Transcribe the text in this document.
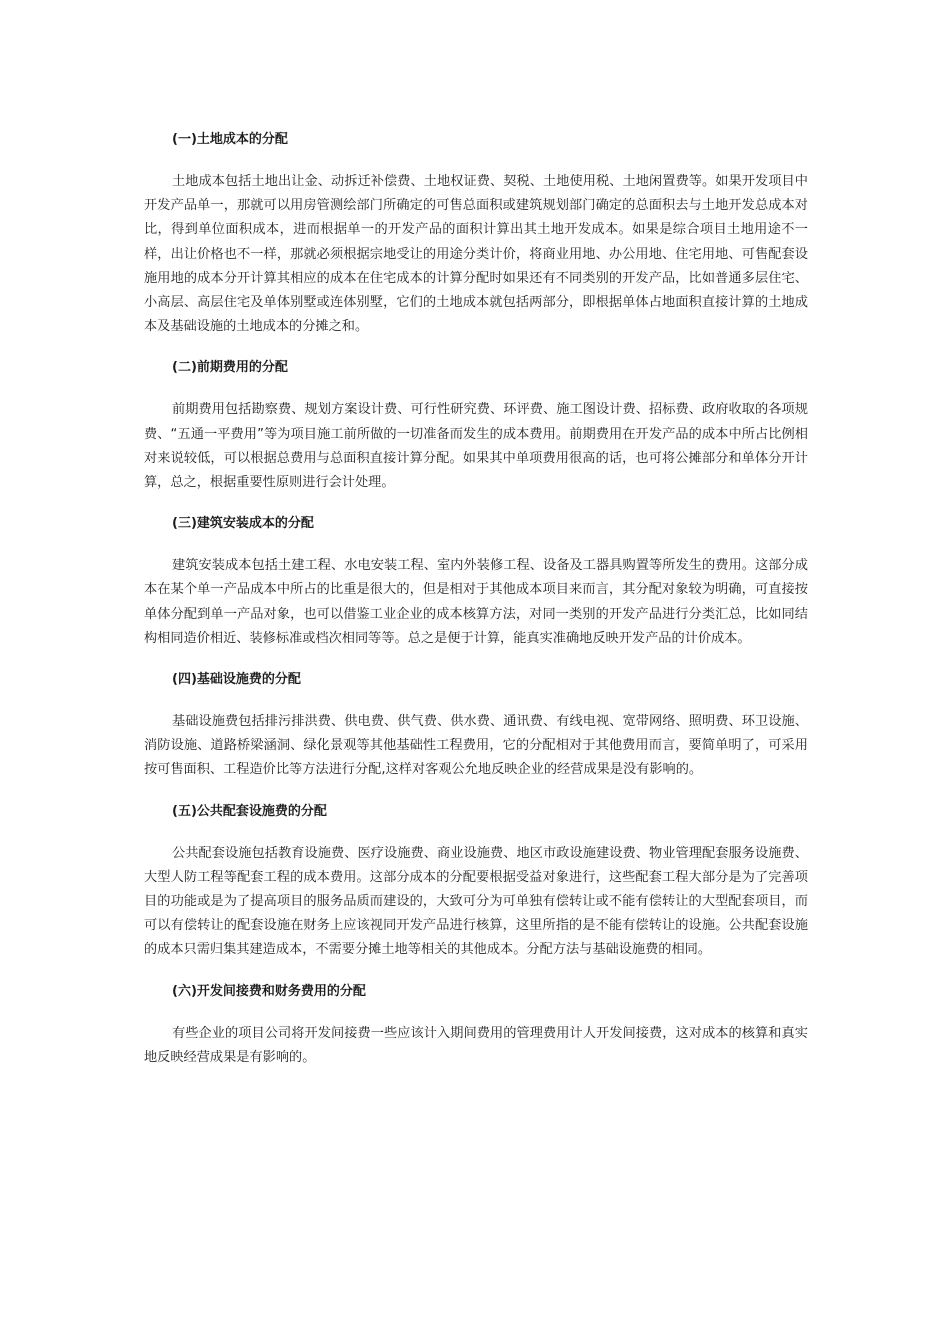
(一)土地成本的分配

土地成本包括土地出让金、动拆迁补偿费、土地权证费、契税、土地使用税、土地闲置费等。如果开发项目中开发产品单一，那就可以用房管测绘部门所确定的可售总面积或建筑规划部门确定的总面积去与土地开发总成本对比，得到单位面积成本，进而根据单一的开发产品的面积计算出其土地开发成本。如果是综合项目土地用途不一样，出让价格也不一样，那就必须根据宗地受让的用途分类计价，将商业用地、办公用地、住宅用地、可售配套设施用地的成本分开计算其相应的成本在住宅成本的计算分配时如果还有不同类别的开发产品，比如普通多层住宅、小高层、高层住宅及单体别墅或连体别墅，它们的土地成本就包括两部分，即根据单体占地面积直接计算的土地成本及基础设施的土地成本的分摊之和。

(二)前期费用的分配

前期费用包括勘察费、规划方案设计费、可行性研究费、环评费、施工图设计费、招标费、政府收取的各项规费、“五通一平费用”等为项目施工前所做的一切准备而发生的成本费用。前期费用在开发产品的成本中所占比例相对来说较低，可以根据总费用与总面积直接计算分配。如果其中单项费用很高的话，也可将公摊部分和单体分开计算，总之，根据重要性原则进行会计处理。

(三)建筑安装成本的分配

建筑安装成本包括土建工程、水电安装工程、室内外装修工程、设备及工器具购置等所发生的费用。这部分成本在某个单一产品成本中所占的比重是很大的，但是相对于其他成本项目来而言，其分配对象较为明确，可直接按单体分配到单一产品对象，也可以借鉴工业企业的成本核算方法，对同一类别的开发产品进行分类汇总，比如同结构相同造价相近、装修标准或档次相同等等。总之是便于计算，能真实准确地反映开发产品的计价成本。

(四)基础设施费的分配

基础设施费包括排污排洪费、供电费、供气费、供水费、通讯费、有线电视、宽带网络、照明费、环卫设施、消防设施、道路桥梁涵洞、绿化景观等其他基础性工程费用，它的分配相对于其他费用而言，要简单明了，可采用按可售面积、工程造价比等方法进行分配,这样对客观公允地反映企业的经营成果是没有影响的。

(五)公共配套设施费的分配

公共配套设施包括教育设施费、医疗设施费、商业设施费、地区市政设施建设费、物业管理配套服务设施费、大型人防工程等配套工程的成本费用。这部分成本的分配要根据受益对象进行，这些配套工程大部分是为了完善项目的功能或是为了提高项目的服务品质而建设的，大致可分为可单独有偿转让或不能有偿转让的大型配套项目，而可以有偿转让的配套设施在财务上应该视同开发产品进行核算，这里所指的是不能有偿转让的设施。公共配套设施的成本只需归集其建造成本，不需要分摊土地等相关的其他成本。分配方法与基础设施费的相同。

(六)开发间接费和财务费用的分配

有些企业的项目公司将开发间接费一些应该计入期间费用的管理费用计人开发间接费，这对成本的核算和真实地反映经营成果是有影响的。
